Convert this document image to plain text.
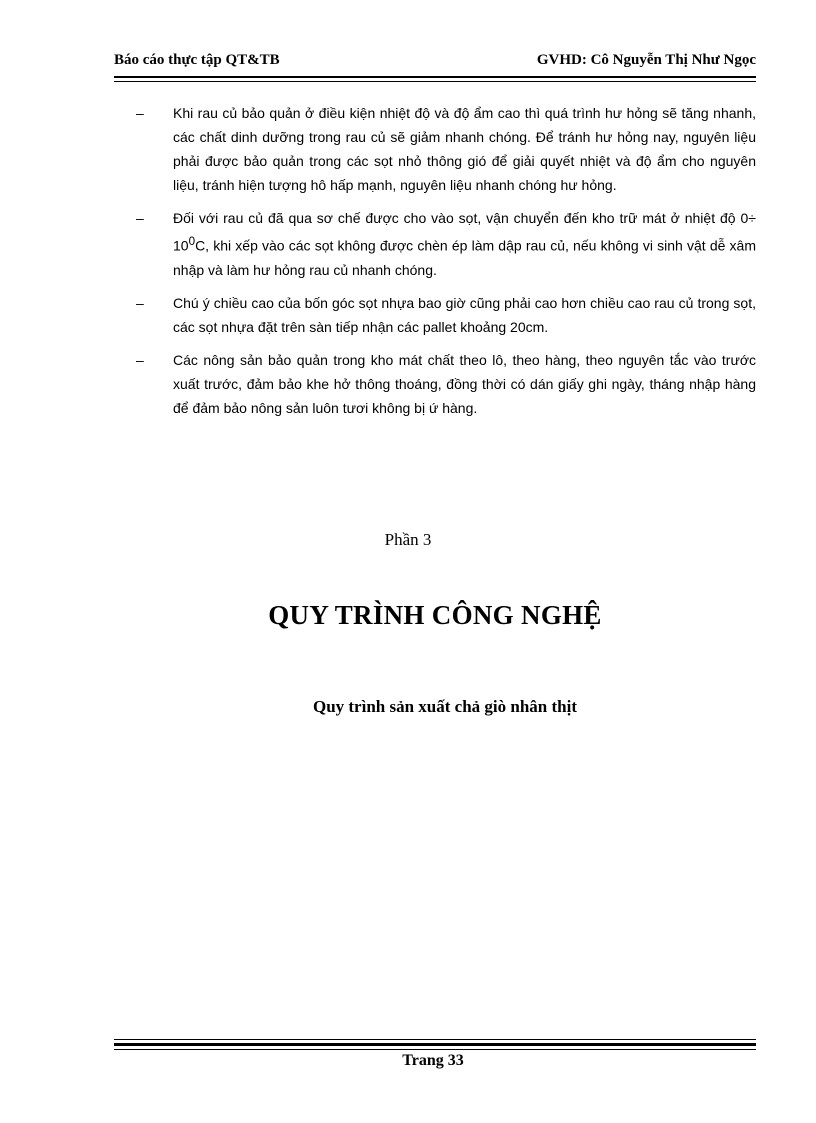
Báo cáo thực tập QT&TB	GVHD: Cô Nguyễn Thị Như Ngọc
– Khi rau củ bảo quản ở điều kiện nhiệt độ và độ ẩm cao thì quá trình hư hỏng sẽ tăng nhanh, các chất dinh dưỡng trong rau củ sẽ giảm nhanh chóng. Để tránh hư hỏng nay, nguyên liệu phải được bảo quản trong các sọt nhỏ thông gió để giải quyết nhiệt và độ ẩm cho nguyên liệu, tránh hiện tượng hô hấp mạnh, nguyên liệu nhanh chóng hư hỏng.
– Đối với rau củ đã qua sơ chế được cho vào sọt, vận chuyển đến kho trữ mát ở nhiệt độ $0\div 10^0C$, khi xếp vào các sọt không được chèn ép làm dập rau củ, nếu không vi sinh vật dễ xâm nhập và làm hư hỏng rau củ nhanh chóng.
– Chú ý chiều cao của bốn góc sọt nhựa bao giờ cũng phải cao hơn chiều cao rau củ trong sọt, các sọt nhựa đặt trên sàn tiếp nhận các pallet khoảng 20cm.
– Các nông sản bảo quản trong kho mát chất theo lô, theo hàng, theo nguyên tắc vào trước xuất trước, đảm bảo khe hở thông thoáng, đồng thời có dán giấy ghi ngày, tháng nhập hàng để đảm bảo nông sản luôn tươi không bị ứ hàng.
Phần 3
QUY TRÌNH CÔNG NGHỆ
Quy trình sản xuất chả giò nhân thịt
Trang 33
